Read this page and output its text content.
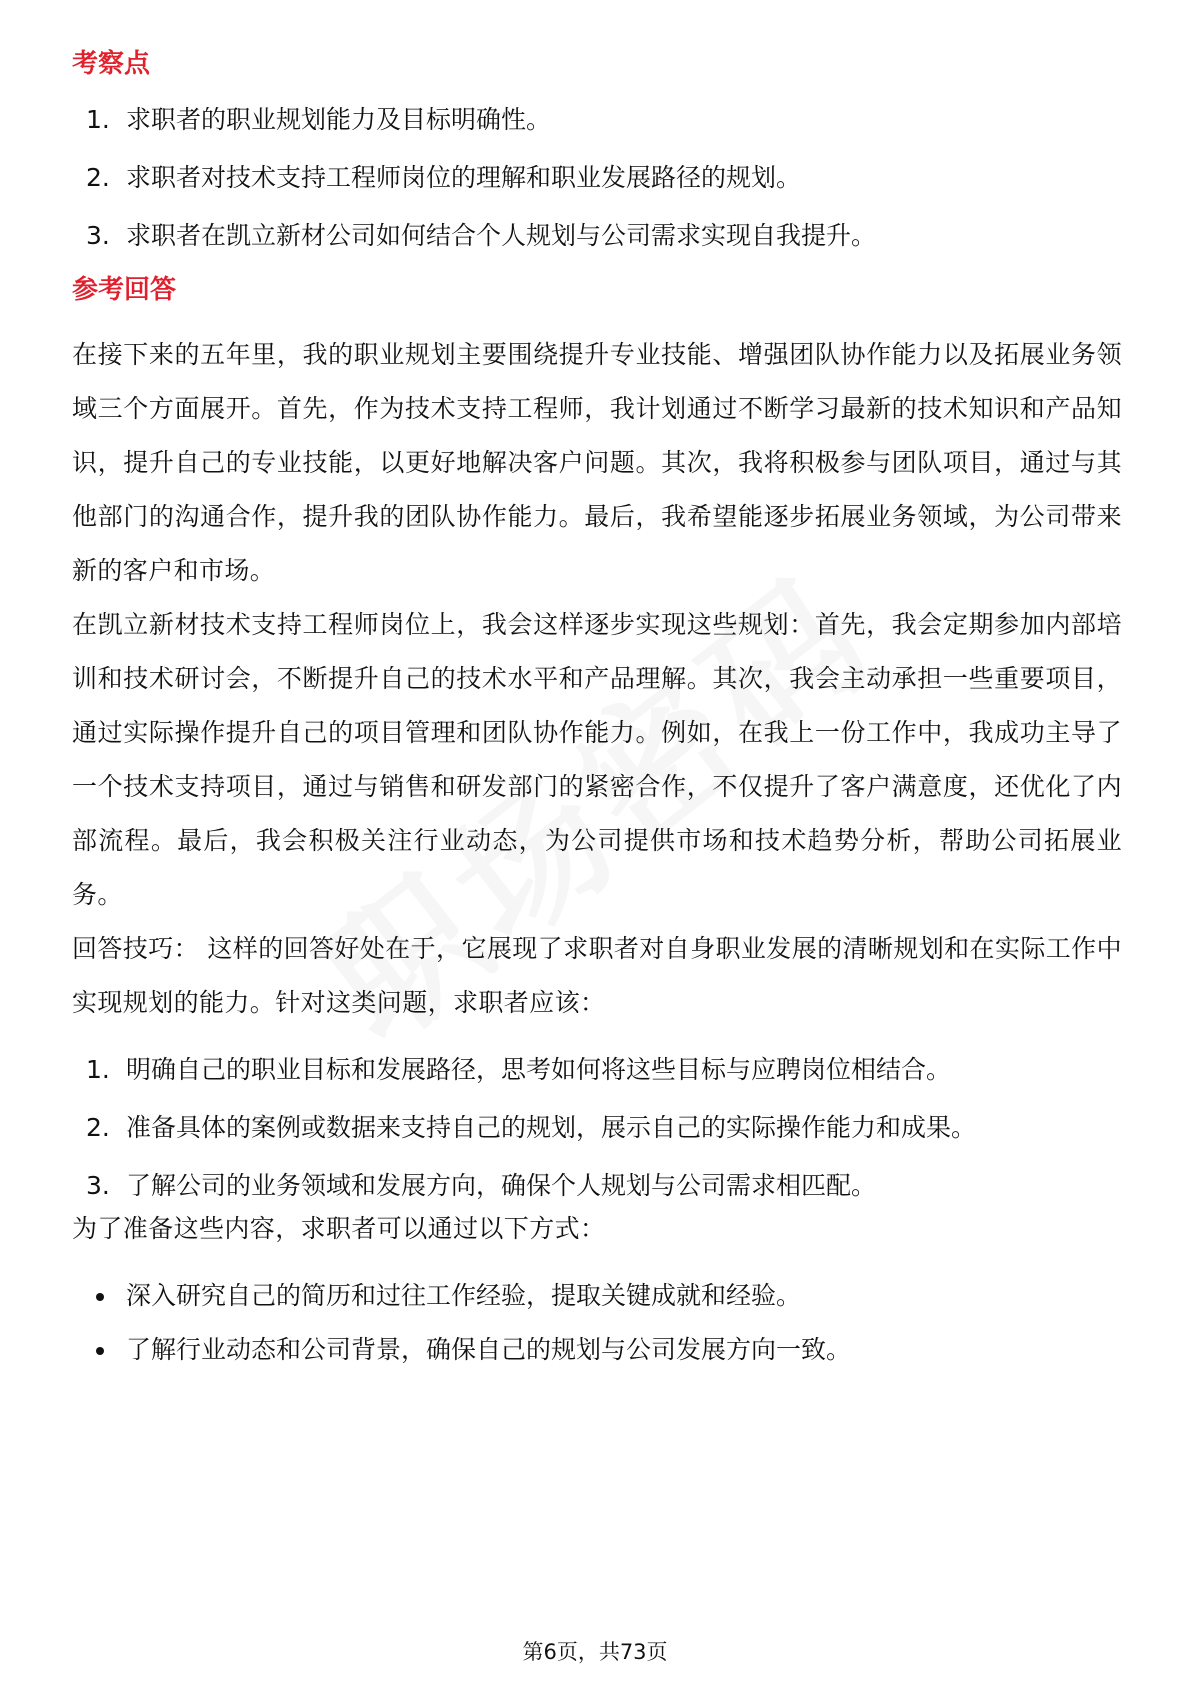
考察点
1. 求职者的职业规划能力及目标明确性。
2. 求职者对技术支持工程师岗位的理解和职业发展路径的规划。
3. 求职者在凯立新材公司如何结合个人规划与公司需求实现自我提升。
参考回答

在接下来的五年里，我的职业规划主要围绕提升专业技能、增强团队协作能力以及拓展业务领域三个方面展开。首先，作为技术支持工程师，我计划通过不断学习最新的技术知识和产品知识，提升自己的专业技能，以更好地解决客户问题。其次，我将积极参与团队项目，通过与其他部门的沟通合作，提升我的团队协作能力。最后，我希望能逐步拓展业务领域，为公司带来新的客户和市场。

在凯立新材技术支持工程师岗位上，我会这样逐步实现这些规划：首先，我会定期参加内部培训和技术研讨会，不断提升自己的技术水平和产品理解。其次，我会主动承担一些重要项目，通过实际操作提升自己的项目管理和团队协作能力。例如，在我上一份工作中，我成功主导了一个技术支持项目，通过与销售和研发部门的紧密合作，不仅提升了客户满意度，还优化了内部流程。最后，我会积极关注行业动态，为公司提供市场和技术趋势分析，帮助公司拓展业务。

回答技巧： 这样的回答好处在于，它展现了求职者对自身职业发展的清晰规划和在实际工作中实现规划的能力。针对这类问题，求职者应该：

1. 明确自己的职业目标和发展路径，思考如何将这些目标与应聘岗位相结合。
2. 准备具体的案例或数据来支持自己的规划，展示自己的实际操作能力和成果。
3. 了解公司的业务领域和发展方向，确保个人规划与公司需求相匹配。

为了准备这些内容，求职者可以通过以下方式：

深入研究自己的简历和过往工作经验，提取关键成就和经验。
了解行业动态和公司背景，确保自己的规划与公司发展方向一致。
第6页，共73页
